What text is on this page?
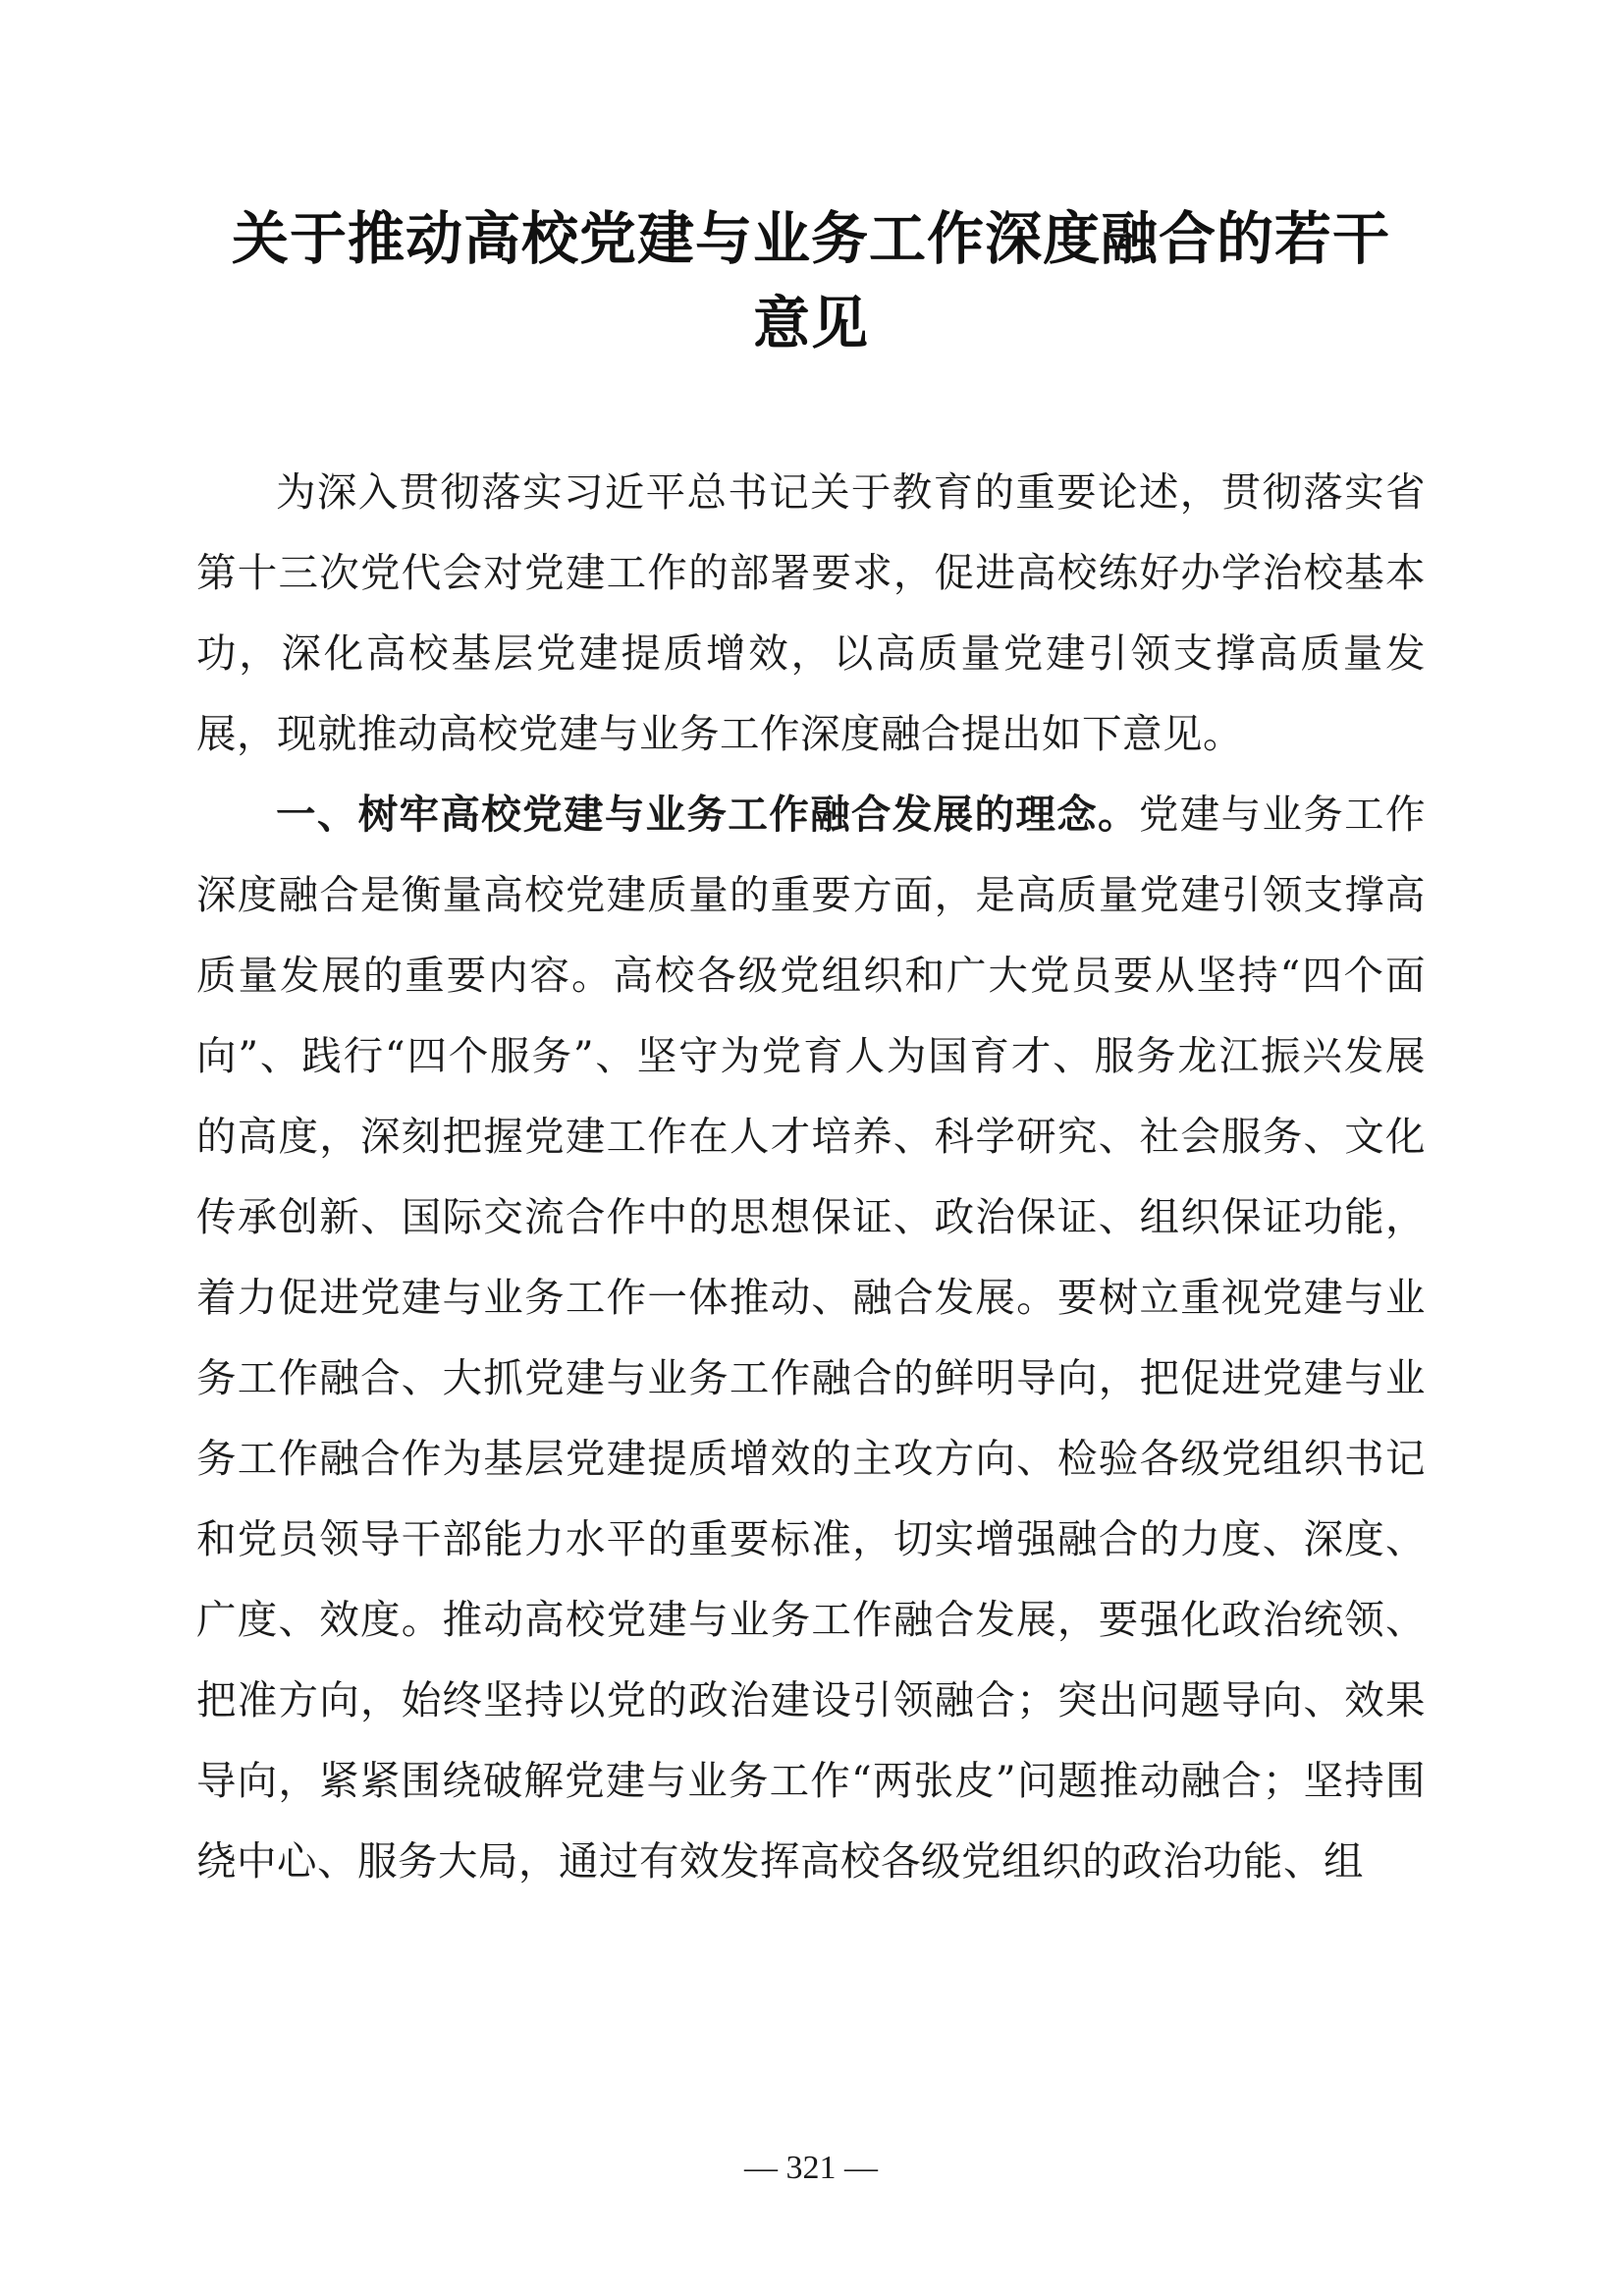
关于推动高校党建与业务工作深度融合的若干
意见

为深入贯彻落实习近平总书记关于教育的重要论述，贯彻落实省第十三次党代会对党建工作的部署要求，促进高校练好办学治校基本功，深化高校基层党建提质增效，以高质量党建引领支撑高质量发展，现就推动高校党建与业务工作深度融合提出如下意见。

一、树牢高校党建与业务工作融合发展的理念。党建与业务工作深度融合是衡量高校党建质量的重要方面，是高质量党建引领支撑高质量发展的重要内容。高校各级党组织和广大党员要从坚持“四个面向”、践行“四个服务”、坚守为党育人为国育才、服务龙江振兴发展的高度，深刻把握党建工作在人才培养、科学研究、社会服务、文化传承创新、国际交流合作中的思想保证、政治保证、组织保证功能，着力促进党建与业务工作一体推动、融合发展。要树立重视党建与业务工作融合、大抓党建与业务工作融合的鲜明导向，把促进党建与业务工作融合作为基层党建提质增效的主攻方向、检验各级党组织书记和党员领导干部能力水平的重要标准，切实增强融合的力度、深度、广度、效度。推动高校党建与业务工作融合发展，要强化政治统领、把准方向，始终坚持以党的政治建设引领融合；突出问题导向、效果导向，紧紧围绕破解党建与业务工作“两张皮”问题推动融合；坚持围绕中心、服务大局，通过有效发挥高校各级党组织的政治功能、组

— 321 —
